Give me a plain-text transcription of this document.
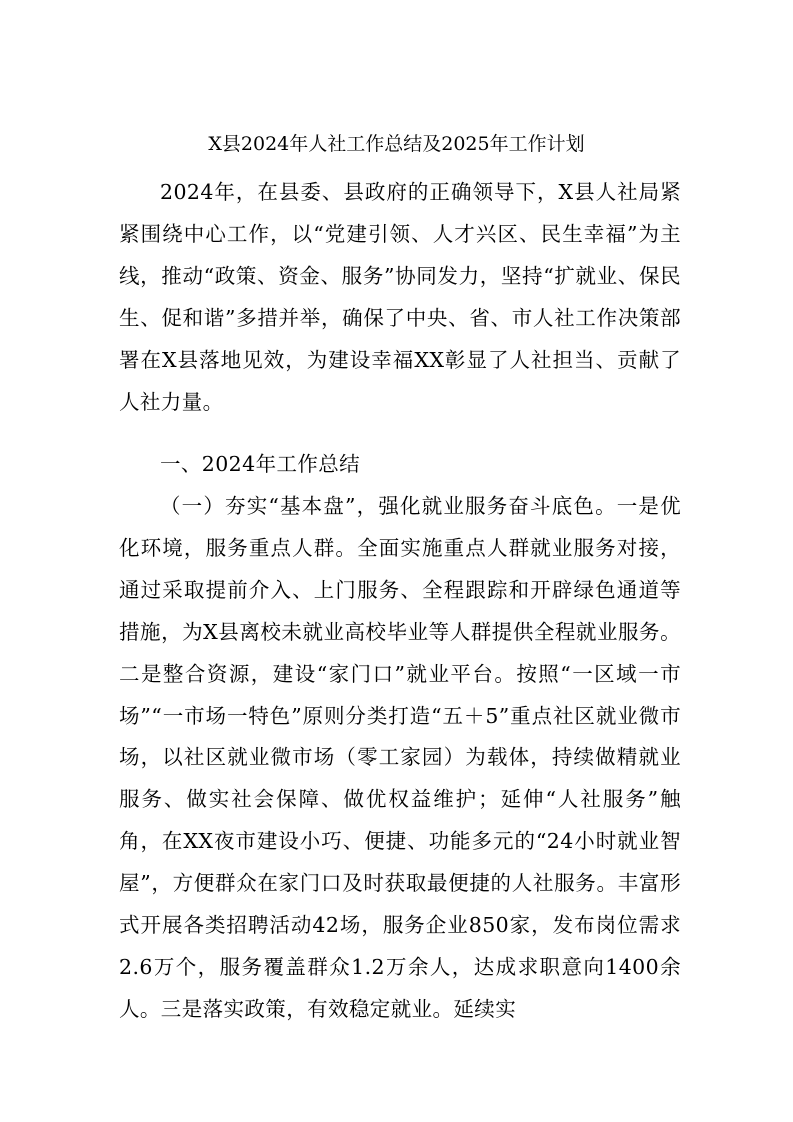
X县2024年人社工作总结及2025年工作计划

2024年，在县委、县政府的正确领导下，X县人社局紧紧围绕中心工作，以“党建引领、人才兴区、民生幸福”为主线，推动“政策、资金、服务”协同发力，坚持“扩就业、保民生、促和谐”多措并举，确保了中央、省、市人社工作决策部署在X县落地见效，为建设幸福XX彰显了人社担当、贡献了人社力量。

一、2024年工作总结

（一）夯实“基本盘”，强化就业服务奋斗底色。一是优化环境，服务重点人群。全面实施重点人群就业服务对接，通过采取提前介入、上门服务、全程跟踪和开辟绿色通道等措施，为X县离校未就业高校毕业等人群提供全程就业服务。二是整合资源，建设“家门口”就业平台。按照“一区域一市场”“一市场一特色”原则分类打造“五＋5”重点社区就业微市场，以社区就业微市场（零工家园）为载体，持续做精就业服务、做实社会保障、做优权益维护；延伸“人社服务”触角，在XX夜市建设小巧、便捷、功能多元的“24小时就业智屋”，方便群众在家门口及时获取最便捷的人社服务。丰富形式开展各类招聘活动42场，服务企业850家，发布岗位需求2.6万个，服务覆盖群众1.2万余人，达成求职意向1400余人。三是落实政策，有效稳定就业。延续实
